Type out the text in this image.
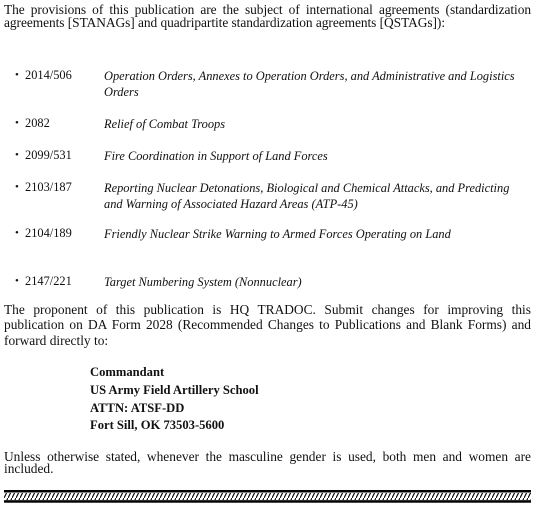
The provisions of this publication are the subject of international agreements (standardization agreements [STANAGs] and quadripartite standardization agreements [QSTAGs]):

• 2014/506	Operation Orders, Annexes to Operation Orders, and Administrative and Logistics Orders
• 2082	Relief of Combat Troops
• 2099/531	Fire Coordination in Support of Land Forces
• 2103/187	Reporting Nuclear Detonations, Biological and Chemical Attacks, and Predicting and Warning of Associated Hazard Areas (ATP-45)
• 2104/189	Friendly Nuclear Strike Warning to Armed Forces Operating on Land
• 2147/221	Target Numbering System (Nonnuclear)

The proponent of this publication is HQ TRADOC. Submit changes for improving this publication on DA Form 2028 (Recommended Changes to Publications and Blank Forms) and forward directly to:

Commandant
US Army Field Artillery School
ATTN: ATSF-DD
Fort Sill, OK 73503-5600

Unless otherwise stated, whenever the masculine gender is used, both men and women are included.
